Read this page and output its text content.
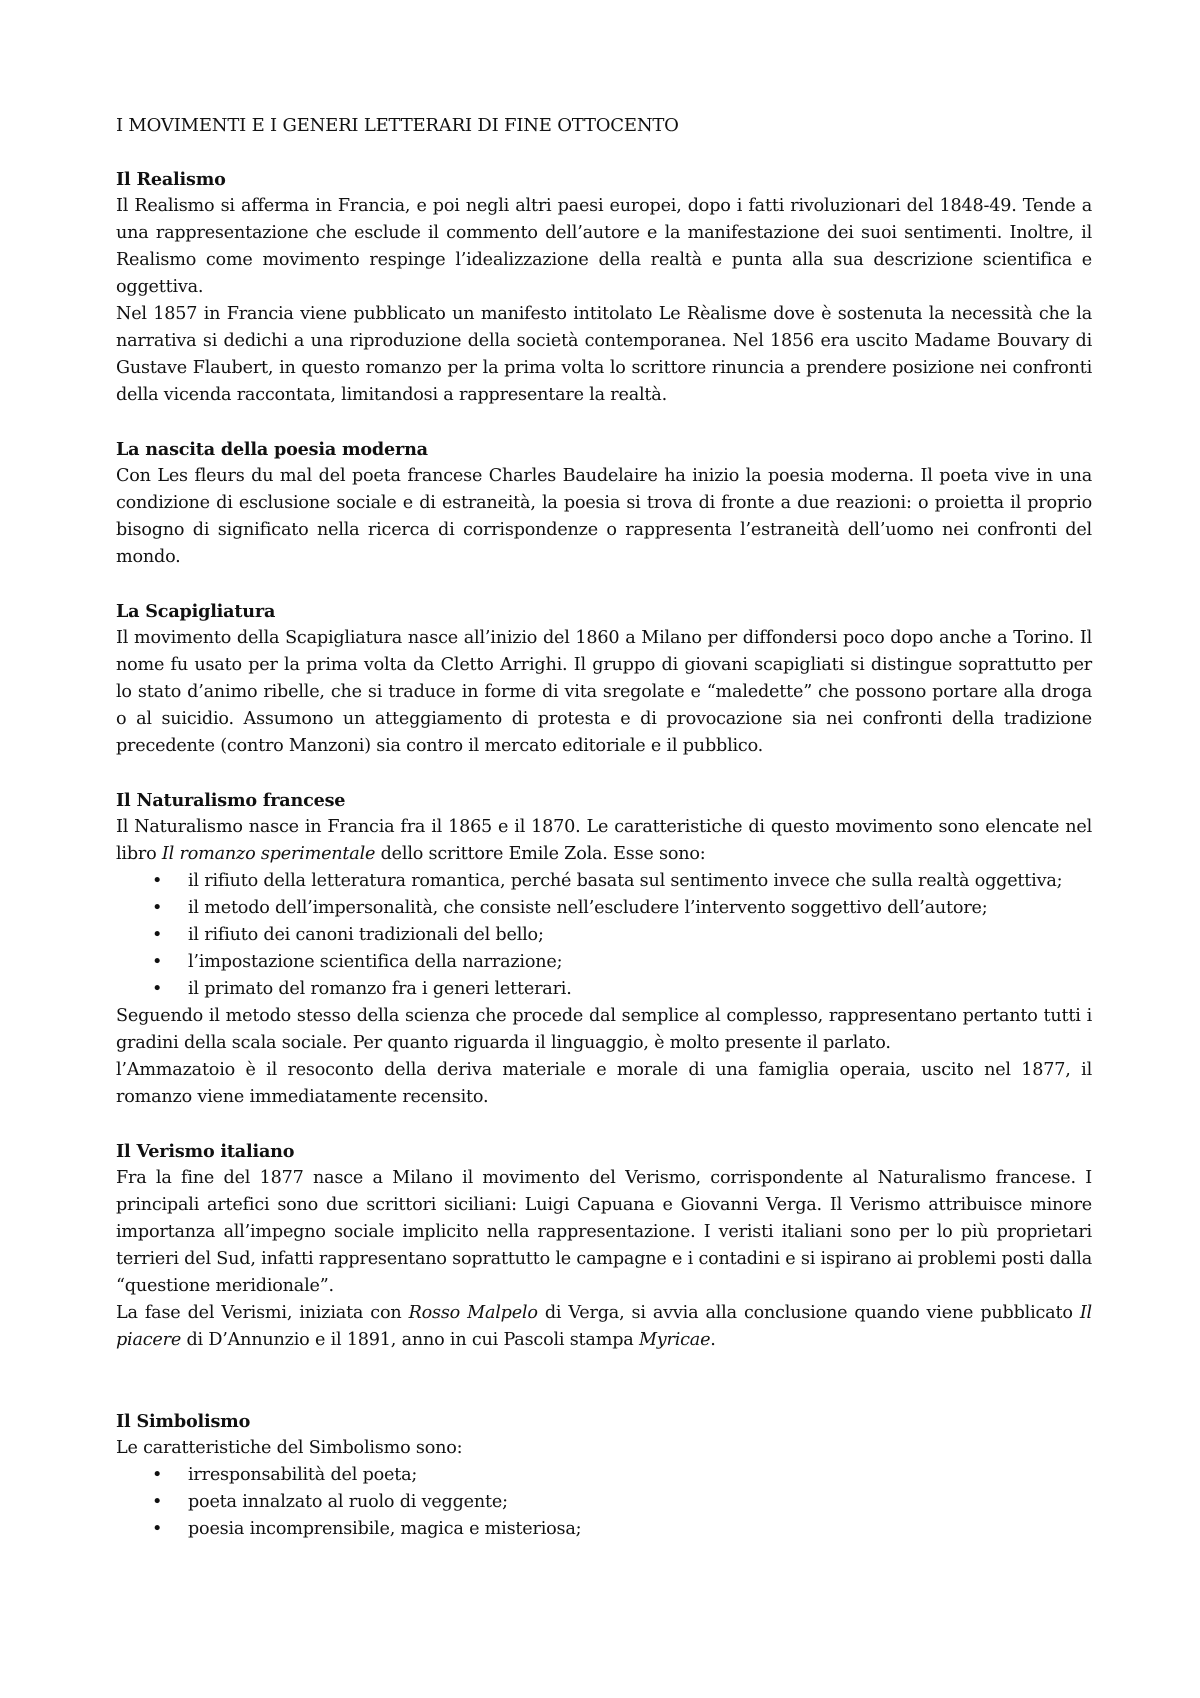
I MOVIMENTI E I GENERI LETTERARI DI FINE OTTOCENTO

Il Realismo

Il Realismo si afferma in Francia, e poi negli altri paesi europei, dopo i fatti rivoluzionari del 1848-49. Tende a una rappresentazione che esclude il commento dell’autore e la manifestazione dei suoi sentimenti. Inoltre, il Realismo come movimento respinge l’idealizzazione della realtà e punta alla sua descrizione scientifica e oggettiva.

Nel 1857 in Francia viene pubblicato un manifesto intitolato Le Rèalisme dove è sostenuta la necessità che la narrativa si dedichi a una riproduzione della società contemporanea. Nel 1856 era uscito Madame Bouvary di Gustave Flaubert, in questo romanzo per la prima volta lo scrittore rinuncia a prendere posizione nei confronti della vicenda raccontata, limitandosi a rappresentare la realtà.

La nascita della poesia moderna

Con Les fleurs du mal del poeta francese Charles Baudelaire ha inizio la poesia moderna. Il poeta vive in una condizione di esclusione sociale e di estraneità, la poesia si trova di fronte a due reazioni: o proietta il proprio bisogno di significato nella ricerca di corrispondenze o rappresenta l’estraneità dell’uomo nei confronti del mondo.

La Scapigliatura

Il movimento della Scapigliatura nasce all’inizio del 1860 a Milano per diffondersi poco dopo anche a Torino. Il nome fu usato per la prima volta da Cletto Arrighi. Il gruppo di giovani scapigliati si distingue soprattutto per lo stato d’animo ribelle, che si traduce in forme di vita sregolate e “maledette” che possono portare alla droga o al suicidio. Assumono un atteggiamento di protesta e di provocazione sia nei confronti della tradizione precedente (contro Manzoni) sia contro il mercato editoriale e il pubblico.

Il Naturalismo francese

Il Naturalismo nasce in Francia fra il 1865 e il 1870. Le caratteristiche di questo movimento sono elencate nel libro Il romanzo sperimentale dello scrittore Emile Zola. Esse sono:

• il rifiuto della letteratura romantica, perché basata sul sentimento invece che sulla realtà oggettiva;
• il metodo dell’impersonalità, che consiste nell’escludere l’intervento soggettivo dell’autore;
• il rifiuto dei canoni tradizionali del bello;
• l’impostazione scientifica della narrazione;
• il primato del romanzo fra i generi letterari.

Seguendo il metodo stesso della scienza che procede dal semplice al complesso, rappresentano pertanto tutti i gradini della scala sociale. Per quanto riguarda il linguaggio, è molto presente il parlato.

l’Ammazatoio è il resoconto della deriva materiale e morale di una famiglia operaia, uscito nel 1877, il romanzo viene immediatamente recensito.

Il Verismo italiano

Fra la fine del 1877 nasce a Milano il movimento del Verismo, corrispondente al Naturalismo francese. I principali artefici sono due scrittori siciliani: Luigi Capuana e Giovanni Verga. Il Verismo attribuisce minore importanza all’impegno sociale implicito nella rappresentazione. I veristi italiani sono per lo più proprietari terrieri del Sud, infatti rappresentano soprattutto le campagne e i contadini e si ispirano ai problemi posti dalla “questione meridionale”.

La fase del Verismi, iniziata con Rosso Malpelo di Verga, si avvia alla conclusione quando viene pubblicato Il piacere di D’Annunzio e il 1891, anno in cui Pascoli stampa Myricae.

Il Simbolismo

Le caratteristiche del Simbolismo sono:

• irresponsabilità del poeta;
• poeta innalzato al ruolo di veggente;
• poesia incomprensibile, magica e misteriosa;
